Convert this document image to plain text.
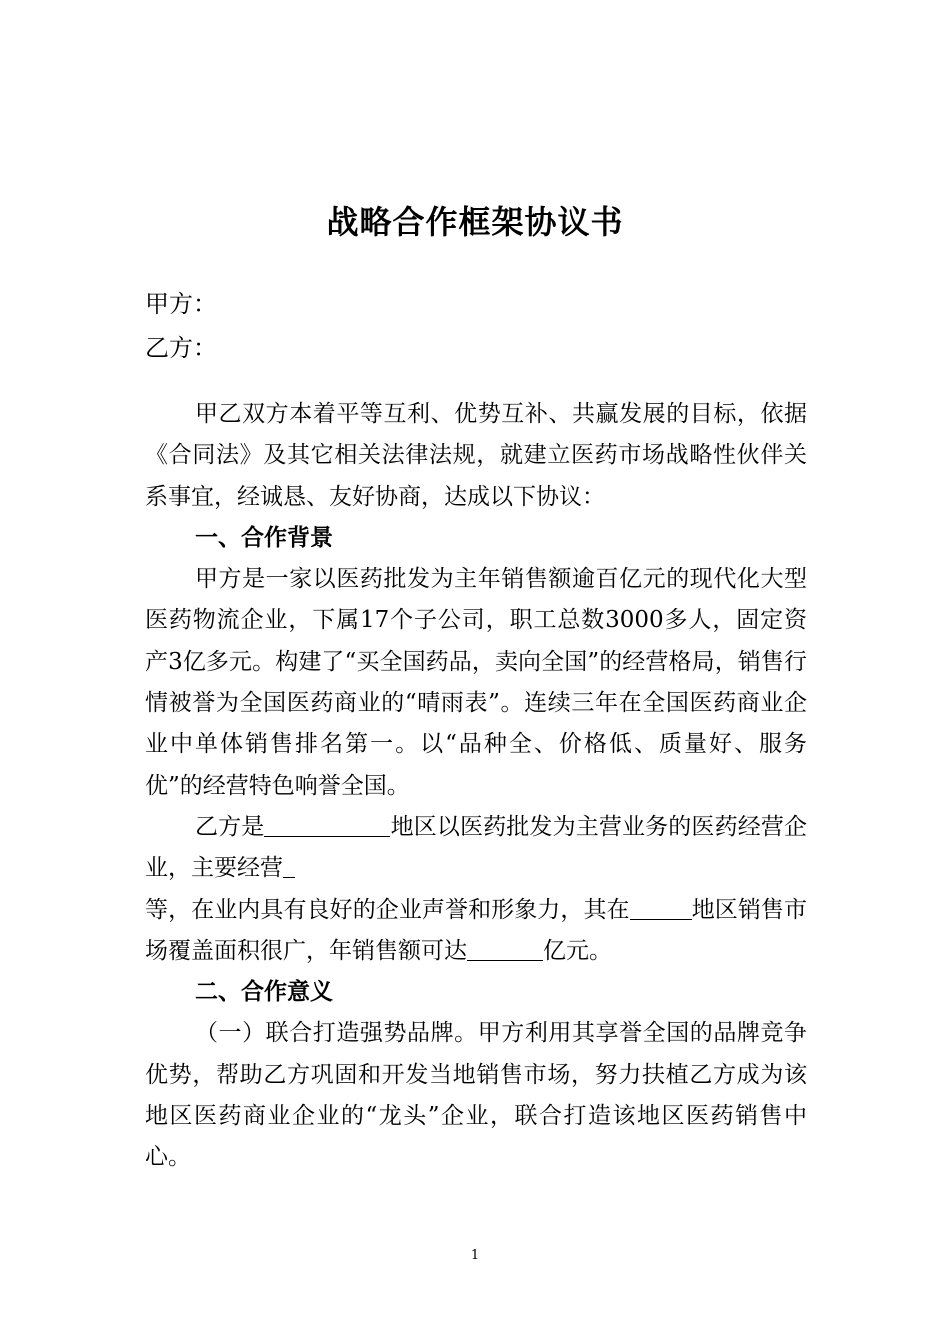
战略合作框架协议书
甲方：
乙方：

甲乙双方本着平等互利、优势互补、共赢发展的目标，依据《合同法》及其它相关法律法规，就建立医药市场战略性伙伴关系事宜，经诚恳、友好协商，达成以下协议：

一、合作背景

甲方是一家以医药批发为主年销售额逾百亿元的现代化大型医药物流企业，下属17个子公司，职工总数3000多人，固定资产3亿多元。构建了“买全国药品，卖向全国”的经营格局，销售行情被誉为全国医药商业的“晴雨表”。连续三年在全国医药商业企业中单体销售排名第一。以“品种全、价格低、质量好、服务优”的经营特色响誉全国。

乙方是	地区以医药批发为主营业务的医药经营企业，主要经营
等，在业内具有良好的企业声誉和形象力，其在	地区销售市场覆盖面积很广，年销售额可达	亿元。

二、合作意义

（一）联合打造强势品牌。甲方利用其享誉全国的品牌竞争优势，帮助乙方巩固和开发当地销售市场，努力扶植乙方成为该地区医药商业企业的“龙头”企业，联合打造该地区医药销售中心。

1
